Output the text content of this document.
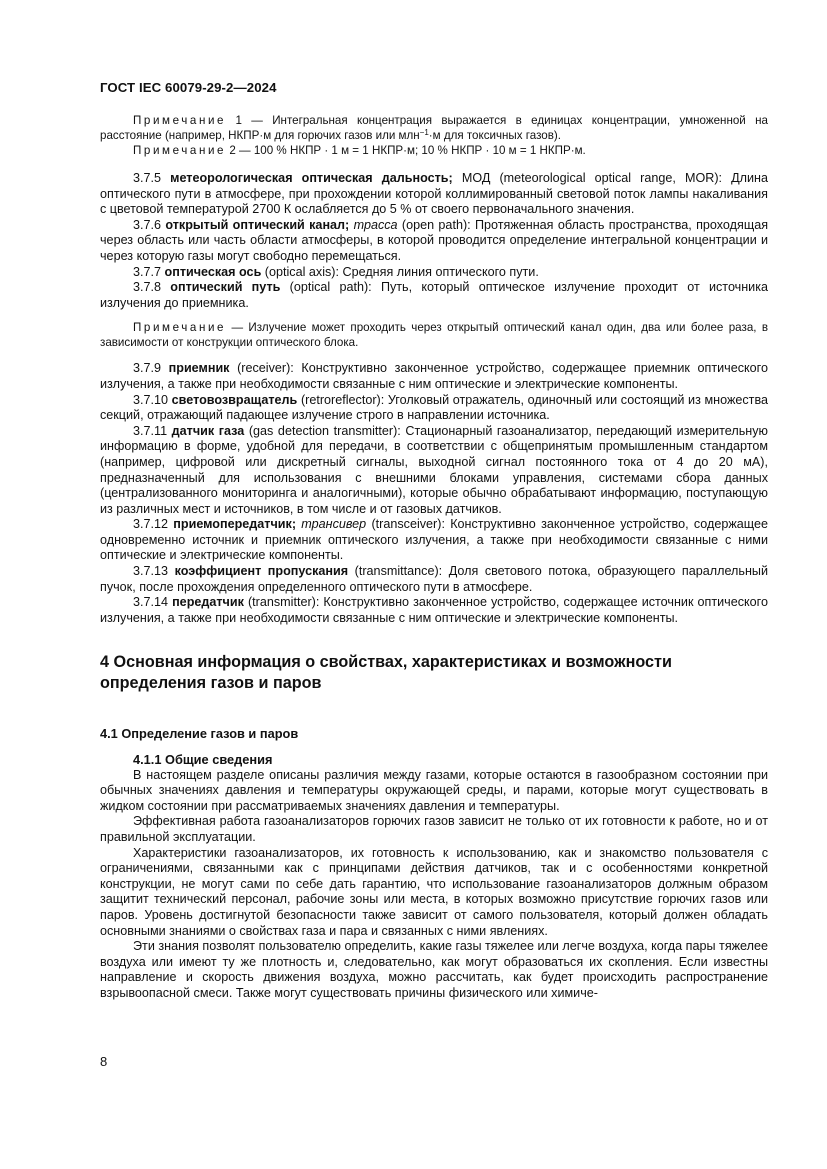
ГОСТ IEC 60079-29-2—2024

Примечание 1 — Интегральная концентрация выражается в единицах концентрации, умноженной на расстояние (например, НКПР·м для горючих газов или млн$^{-1}$·м для токсичных газов).

Примечание 2 — 100 % НКПР · 1 м = 1 НКПР·м; 10 % НКПР · 10 м = 1 НКПР·м.

3.7.5 метеорологическая оптическая дальность; МОД (meteorological optical range, MOR): Длина оптического пути в атмосфере, при прохождении которой коллимированный световой поток лампы накаливания с цветовой температурой 2700 К ослабляется до 5 % от своего первоначального значения.

3.7.6 открытый оптический канал; трасса (open path): Протяженная область пространства, проходящая через область или часть области атмосферы, в которой проводится определение интегральной концентрации и через которую газы могут свободно перемещаться.

3.7.7 оптическая ось (optical axis): Средняя линия оптического пути.

3.7.8 оптический путь (optical path): Путь, который оптическое излучение проходит от источника излучения до приемника.

Примечание — Излучение может проходить через открытый оптический канал один, два или более раза, в зависимости от конструкции оптического блока.

3.7.9 приемник (receiver): Конструктивно законченное устройство, содержащее приемник оптического излучения, а также при необходимости связанные с ним оптические и электрические компоненты.

3.7.10 световозвращатель (retroreflector): Уголковый отражатель, одиночный или состоящий из множества секций, отражающий падающее излучение строго в направлении источника.

3.7.11 датчик газа (gas detection transmitter): Стационарный газоанализатор, передающий измерительную информацию в форме, удобной для передачи, в соответствии с общепринятым промышленным стандартом (например, цифровой или дискретный сигналы, выходной сигнал постоянного тока от 4 до 20 мА), предназначенный для использования с внешними блоками управления, системами сбора данных (централизованного мониторинга и аналогичными), которые обычно обрабатывают информацию, поступающую из различных мест и источников, в том числе и от газовых датчиков.

3.7.12 приемопередатчик; трансивер (transceiver): Конструктивно законченное устройство, содержащее одновременно источник и приемник оптического излучения, а также при необходимости связанные с ними оптические и электрические компоненты.

3.7.13 коэффициент пропускания (transmittance): Доля светового потока, образующего параллельный пучок, после прохождения определенного оптического пути в атмосфере.

3.7.14 передатчик (transmitter): Конструктивно законченное устройство, содержащее источник оптического излучения, а также при необходимости связанные с ним оптические и электрические компоненты.

4 Основная информация о свойствах, характеристиках и возможности определения газов и паров
4.1 Определение газов и паров
4.1.1 Общие сведения

В настоящем разделе описаны различия между газами, которые остаются в газообразном состоянии при обычных значениях давления и температуры окружающей среды, и парами, которые могут существовать в жидком состоянии при рассматриваемых значениях давления и температуры.

Эффективная работа газоанализаторов горючих газов зависит не только от их готовности к работе, но и от правильной эксплуатации.

Характеристики газоанализаторов, их готовность к использованию, как и знакомство пользователя с ограничениями, связанными как с принципами действия датчиков, так и с особенностями конкретной конструкции, не могут сами по себе дать гарантию, что использование газоанализаторов должным образом защитит технический персонал, рабочие зоны или места, в которых возможно присутствие горючих газов или паров. Уровень достигнутой безопасности также зависит от самого пользователя, который должен обладать основными знаниями о свойствах газа и пара и связанных с ними явлениях.

Эти знания позволят пользователю определить, какие газы тяжелее или легче воздуха, когда пары тяжелее воздуха или имеют ту же плотность и, следовательно, как могут образоваться их скопления. Если известны направление и скорость движения воздуха, можно рассчитать, как будет происходить распространение взрывоопасной смеси. Также могут существовать причины физического или химиче-

8
